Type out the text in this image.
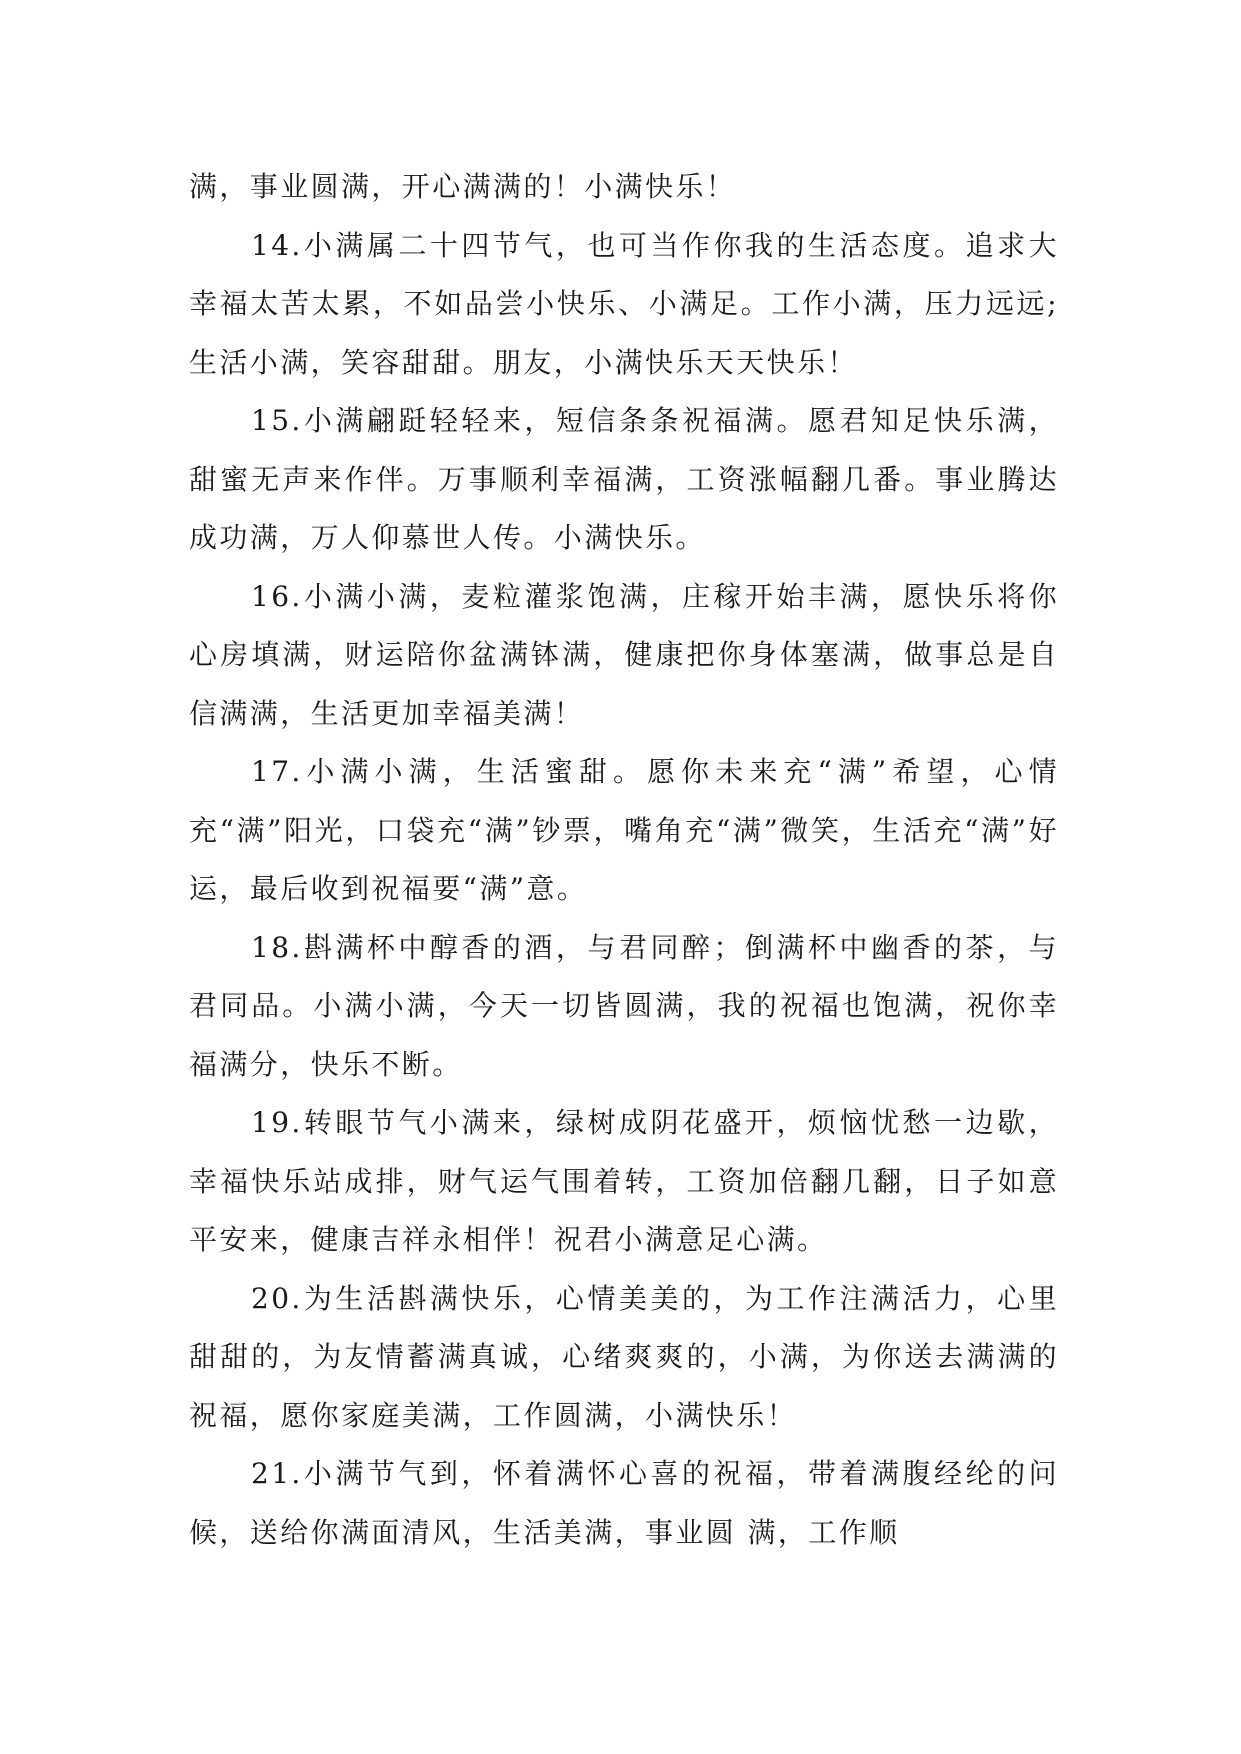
满，事业圆满，开心满满的！小满快乐！

14.小满属二十四节气，也可当作你我的生活态度。追求大幸福太苦太累，不如品尝小快乐、小满足。工作小满，压力远远;生活小满，笑容甜甜。朋友，小满快乐天天快乐！

15.小满翩跹轻轻来，短信条条祝福满。愿君知足快乐满，甜蜜无声来作伴。万事顺利幸福满，工资涨幅翻几番。事业腾达成功满，万人仰慕世人传。小满快乐。

16.小满小满，麦粒灌浆饱满，庄稼开始丰满，愿快乐将你心房填满，财运陪你盆满钵满，健康把你身体塞满，做事总是自信满满，生活更加幸福美满！

17.小满小满，生活蜜甜。愿你未来充“满”希望，心情充“满”阳光，口袋充“满”钞票，嘴角充“满”微笑，生活充“满”好运，最后收到祝福要“满”意。

18.斟满杯中醇香的酒，与君同醉；倒满杯中幽香的茶，与君同品。小满小满，今天一切皆圆满，我的祝福也饱满，祝你幸福满分，快乐不断。

19.转眼节气小满来，绿树成阴花盛开，烦恼忧愁一边歇，幸福快乐站成排，财气运气围着转，工资加倍翻几翻，日子如意平安来，健康吉祥永相伴！祝君小满意足心满。

20.为生活斟满快乐，心情美美的，为工作注满活力，心里甜甜的，为友情蓄满真诚，心绪爽爽的，小满，为你送去满满的祝福，愿你家庭美满，工作圆满，小满快乐！

21.小满节气到，怀着满怀心喜的祝福，带着满腹经纶的问候，送给你满面清风，生活美满，事业圆 满，工作顺
